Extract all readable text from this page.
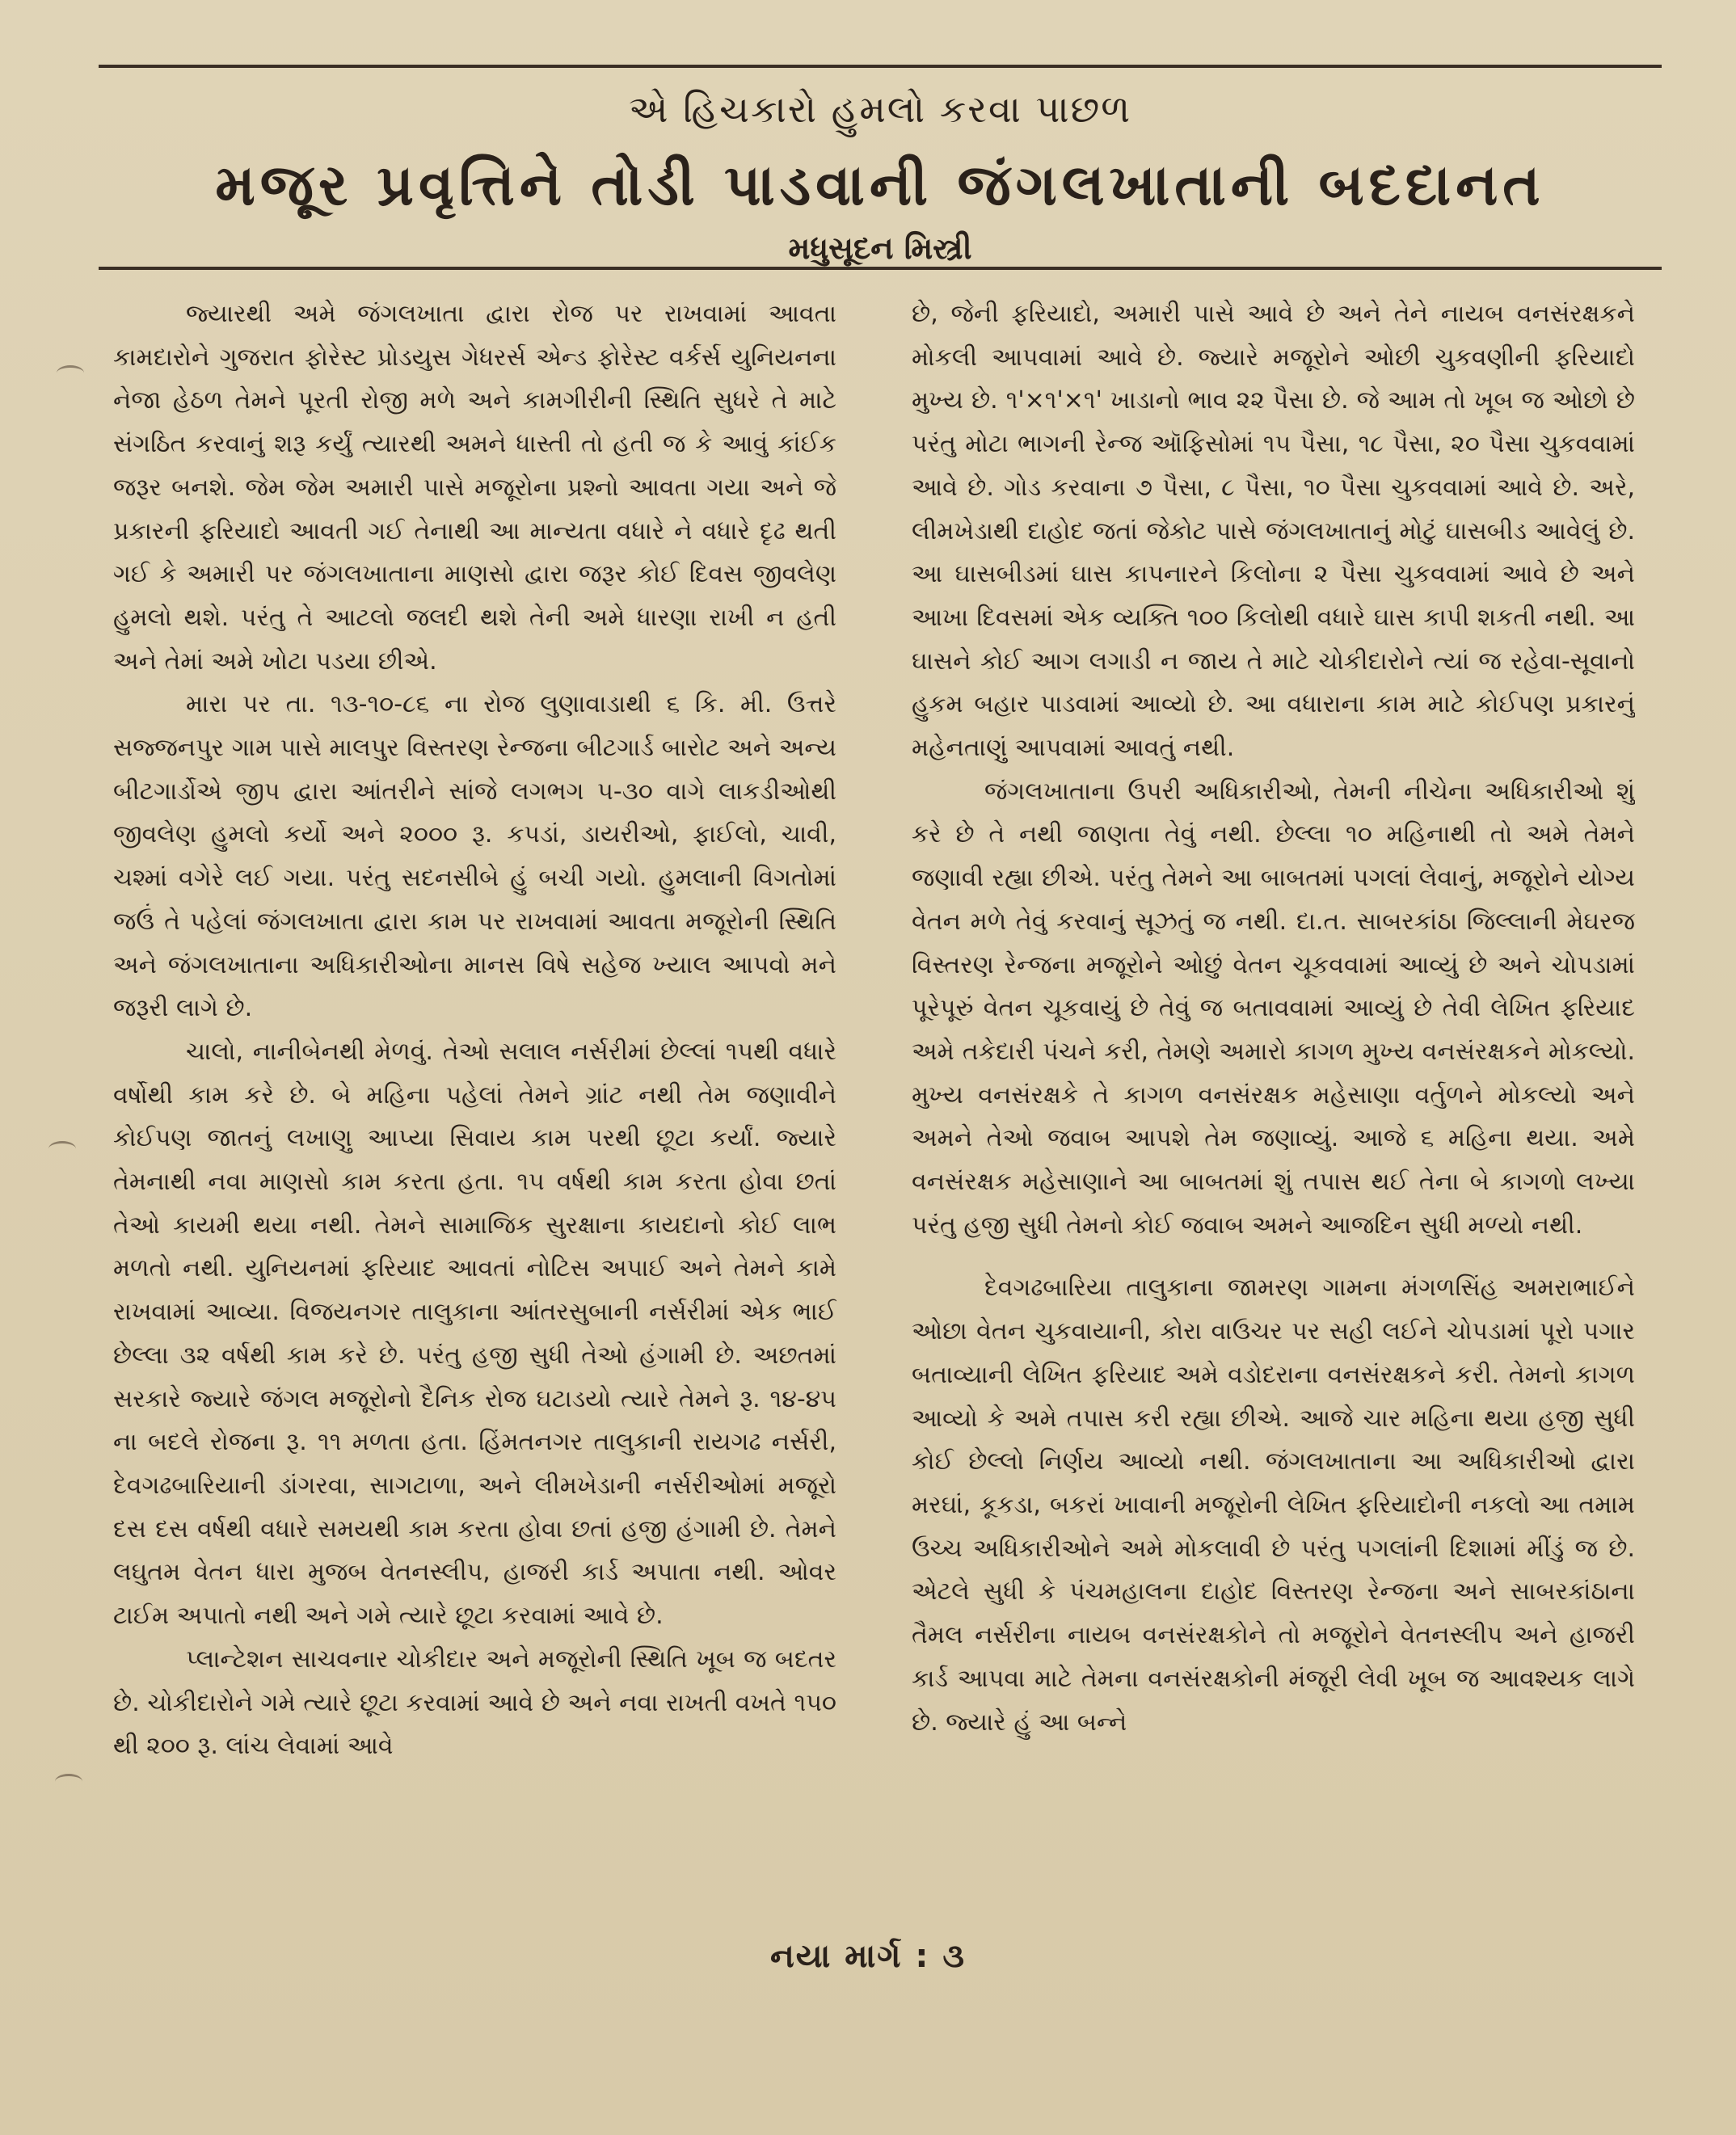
એ હિચકારો હુમલો કરવા પાછળ
મજૂર પ્રવૃત્તિને તોડી પાડવાની જંગલખાતાની બદદાનત
મધુસૂદન મિસ્ત્રી

જ્યારથી અમે જંગલખાતા દ્વારા રોજ પર રાખવામાં આવતા કામદારોને ગુજરાત ફોરેસ્ટ પ્રોડયુસ ગેધરર્સ એન્ડ ફોરેસ્ટ વર્કર્સ યુનિયનના નેજા હેઠળ તેમને પૂરતી રોજી મળે અને કામગીરીની સ્થિતિ સુધરે તે માટે સંગઠિત કરવાનું શરૂ કર્યું ત્યારથી અમને ધાસ્તી તો હતી જ કે આવું કાંઈક જરૂર બનશે. જેમ જેમ અમારી પાસે મજૂરોના પ્રશ્નો આવતા ગયા અને જે પ્રકારની ફરિયાદો આવતી ગઈ તેનાથી આ માન્યતા વધારે ને વધારે દૃઢ થતી ગઈ કે અમારી પર જંગલખાતાના માણસો દ્વારા જરૂર કોઈ દિવસ જીવલેણ હુમલો થશે. પરંતુ તે આટલો જલદી થશે તેની અમે ધારણા રાખી ન હતી અને તેમાં અમે ખોટા પડયા છીએ.

મારા પર તા. ૧૩-૧૦-૮૬ ના રોજ લુણાવાડાથી ૬ કિ. મી. ઉત્તરે સજ્જનપુર ગામ પાસે માલપુર વિસ્તરણ રેન્જના બીટગાર્ડ બારોટ અને અન્ય બીટગાર્ડોએ જીપ દ્વારા આંતરીને સાંજે લગભગ ૫-૩૦ વાગે લાકડીઓથી જીવલેણ હુમલો કર્યો અને ૨૦૦૦ રૂ. કપડાં, ડાયરીઓ, ફાઈલો, ચાવી, ચશ્માં વગેરે લઈ ગયા. પરંતુ સદનસીબે હું બચી ગયો. હુમલાની વિગતોમાં જઉં તે પહેલાં જંગલખાતા દ્વારા કામ પર રાખવામાં આવતા મજૂરોની સ્થિતિ અને જંગલખાતાના અધિકારીઓના માનસ વિષે સહેજ ખ્યાલ આપવો મને જરૂરી લાગે છે.

ચાલો, નાનીબેનથી મેળવું. તેઓ સલાલ નર્સરીમાં છેલ્લાં ૧૫થી વધારે વર્ષોથી કામ કરે છે. બે મહિના પહેલાં તેમને ગ્રાંટ નથી તેમ જણાવીને કોઈપણ જાતનું લખાણુ આપ્યા સિવાય કામ પરથી છૂટા કર્યાં. જ્યારે તેમનાથી નવા માણસો કામ કરતા હતા. ૧૫ વર્ષથી કામ કરતા હોવા છતાં તેઓ કાયમી થયા નથી. તેમને સામાજિક સુરક્ષાના કાયદાનો કોઈ લાભ મળતો નથી. યુનિયનમાં ફરિયાદ આવતાં નોટિસ અપાઈ અને તેમને કામે રાખવામાં આવ્યા. વિજયનગર તાલુકાના આંતરસુબાની નર્સરીમાં એક ભાઈ છેલ્લા ૩૨ વર્ષથી કામ કરે છે. પરંતુ હજી સુધી તેઓ હંગામી છે. અછતમાં સરકારે જ્યારે જંગલ મજૂરોનો દૈનિક રોજ ઘટાડયો ત્યારે તેમને રૂ. ૧૪-૪૫ ના બદલે રોજના રૂ. ૧૧ મળતા હતા. હિંમતનગર તાલુકાની રાયગઢ નર્સરી, દેવગઢબારિયાની ડાંગરવા, સાગટાળા, અને લીમખેડાની નર્સરીઓમાં મજૂરો દસ દસ વર્ષથી વધારે સમયથી કામ કરતા હોવા છતાં હજી હંગામી છે. તેમને લઘુતમ વેતન ધારા મુજબ વેતનસ્લીપ, હાજરી કાર્ડ અપાતા નથી. ઓવર ટાઈમ અપાતો નથી અને ગમે ત્યારે છૂટા કરવામાં આવે છે.

પ્લાન્ટેશન સાચવનાર ચોકીદાર અને મજૂરોની સ્થિતિ ખૂબ જ બદતર છે. ચોકીદારોને ગમે ત્યારે છૂટા કરવામાં આવે છે અને નવા રાખતી વખતે ૧૫૦ થી ૨૦૦ રૂ. લાંચ લેવામાં આવે

છે, જેની ફરિયાદો, અમારી પાસે આવે છે અને તેને નાયબ વનસંરક્ષકને મોકલી આપવામાં આવે છે. જ્યારે મજૂરોને ઓછી ચુકવણીની ફરિયાદો મુખ્ય છે. ૧'×૧'×૧' ખાડાનો ભાવ ૨૨ પૈસા છે. જે આમ તો ખૂબ જ ઓછો છે પરંતુ મોટા ભાગની રેન્જ ઑફિસોમાં ૧૫ પૈસા, ૧૮ પૈસા, ૨૦ પૈસા ચુકવવામાં આવે છે. ગોડ કરવાના ૭ પૈસા, ૮ પૈસા, ૧૦ પૈસા ચુકવવામાં આવે છે. અરે, લીમખેડાથી દાહોદ જતાં જેકોટ પાસે જંગલખાતાનું મોટું ઘાસબીડ આવેલું છે. આ ઘાસબીડમાં ઘાસ કાપનારને કિલોના ૨ પૈસા ચુકવવામાં આવે છે અને આખા દિવસમાં એક વ્યક્તિ ૧૦૦ કિલોથી વધારે ઘાસ કાપી શકતી નથી. આ ઘાસને કોઈ આગ લગાડી ન જાય તે માટે ચોકીદારોને ત્યાં જ રહેવા-સૂવાનો હુકમ બહાર પાડવામાં આવ્યો છે. આ વધારાના કામ માટે કોઈપણ પ્રકારનું મહેનતાણું આપવામાં આવતું નથી.

જંગલખાતાના ઉપરી અધિકારીઓ, તેમની નીચેના અધિકારીઓ શું કરે છે તે નથી જાણતા તેવું નથી. છેલ્લા ૧૦ મહિનાથી તો અમે તેમને જણાવી રહ્યા છીએ. પરંતુ તેમને આ બાબતમાં પગલાં લેવાનું, મજૂરોને યોગ્ય વેતન મળે તેવું કરવાનું સૂઝતું જ નથી. દા.ત. સાબરકાંઠા જિલ્લાની મેઘરજ વિસ્તરણ રેન્જના મજૂરોને ઓછું વેતન ચૂકવવામાં આવ્યું છે અને ચોપડામાં પૂરેપૂરું વેતન ચૂકવાયું છે તેવું જ બતાવવામાં આવ્યું છે તેવી લેખિત ફરિયાદ અમે તકેદારી પંચને કરી, તેમણે અમારો કાગળ મુખ્ય વનસંરક્ષકને મોકલ્યો. મુખ્ય વનસંરક્ષકે તે કાગળ વનસંરક્ષક મહેસાણા વર્તુળને મોકલ્યો અને અમને તેઓ જવાબ આપશે તેમ જણાવ્યું. આજે ૬ મહિના થયા. અમે વનસંરક્ષક મહેસાણાને આ બાબતમાં શું તપાસ થઈ તેના બે કાગળો લખ્યા પરંતુ હજી સુધી તેમનો કોઈ જવાબ અમને આજદિન સુધી મળ્યો નથી.

દેવગઢબારિયા તાલુકાના જામરણ ગામના મંગળસિંહ અમરાભાઈને ઓછા વેતન ચુકવાયાની, કોરા વાઉચર પર સહી લઈને ચોપડામાં પૂરો પગાર બતાવ્યાની લેખિત ફરિયાદ અમે વડોદરાના વનસંરક્ષકને કરી. તેમનો કાગળ આવ્યો કે અમે તપાસ કરી રહ્યા છીએ. આજે ચાર મહિના થયા હજી સુધી કોઈ છેલ્લો નિર્ણય આવ્યો નથી. જંગલખાતાના આ અધિકારીઓ દ્વારા મરઘાં, કૂકડા, બકરાં ખાવાની મજૂરોની લેખિત ફરિયાદોની નકલો આ તમામ ઉચ્ચ અધિકારીઓને અમે મોકલાવી છે પરંતુ પગલાંની દિશામાં મીંડું જ છે. એટલે સુધી કે પંચમહાલના દાહોદ વિસ્તરણ રેન્જના અને સાબરકાંઠાના તૈમલ નર્સરીના નાયબ વનસંરક્ષકોને તો મજૂરોને વેતનસ્લીપ અને હાજરી કાર્ડ આપવા માટે તેમના વનસંરક્ષકોની મંજૂરી લેવી ખૂબ જ આવશ્યક લાગે છે. જ્યારે હું આ બન્ને

નયા માર્ગ : ૩
